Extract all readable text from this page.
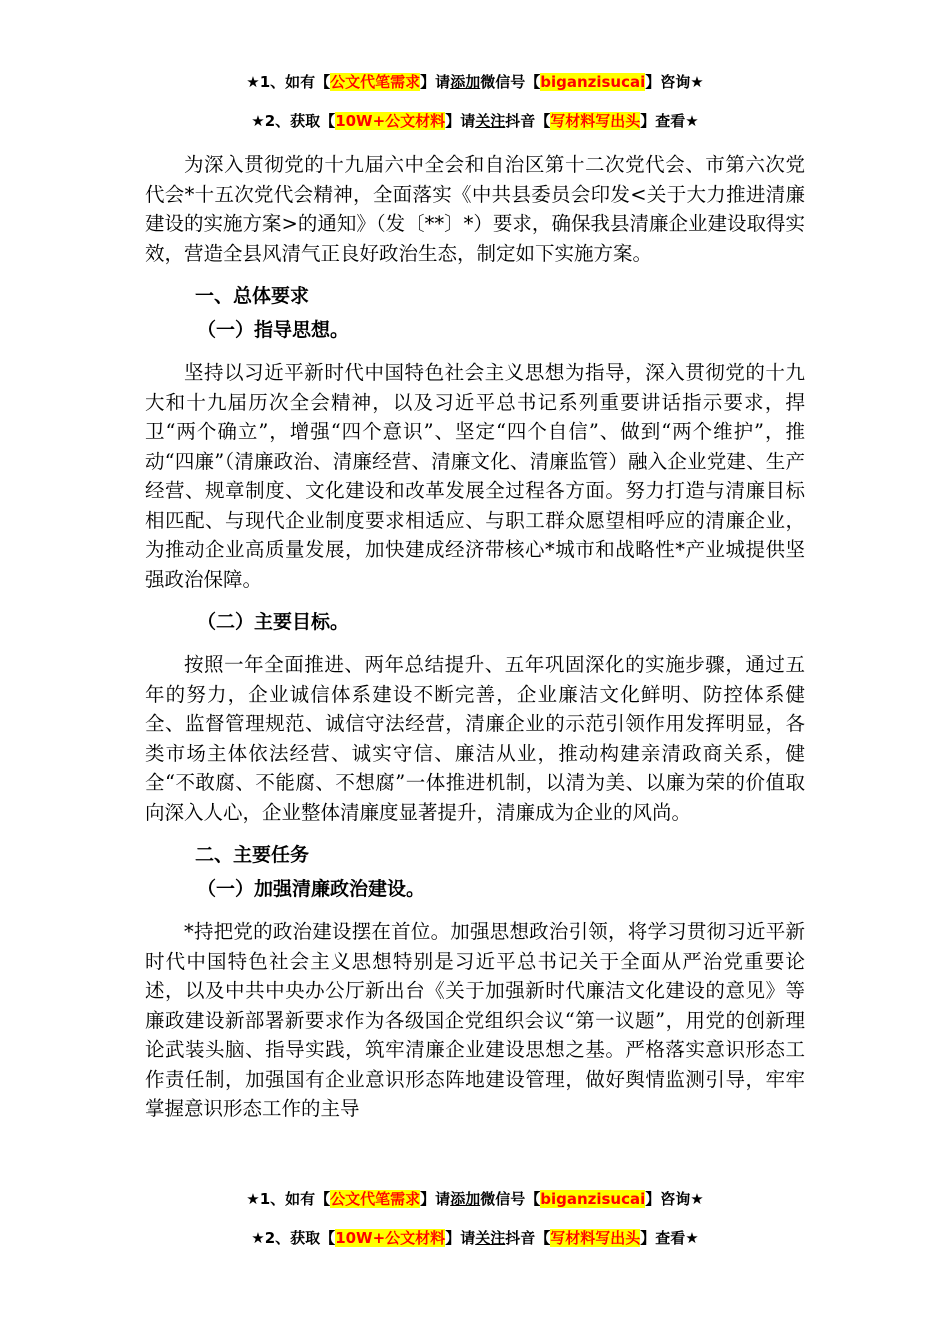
★1、如有【公文代笔需求】请添加微信号【biganzisucai】咨询★
★2、获取【10W+公文材料】请关注抖音【写材料写出头】查看★

为深入贯彻党的十九届六中全会和自治区第十二次党代会、市第六次党代会*十五次党代会精神，全面落实《中共县委员会印发<关于大力推进清廉建设的实施方案>的通知》（发〔**〕*）要求，确保我县清廉企业建设取得实效，营造全县风清气正良好政治生态，制定如下实施方案。

一、总体要求
（一）指导思想。

坚持以习近平新时代中国特色社会主义思想为指导，深入贯彻党的十九大和十九届历次全会精神，以及习近平总书记系列重要讲话指示要求，捍卫“两个确立”，增强“四个意识”、坚定“四个自信”、做到“两个维护”，推动“四廉”（清廉政治、清廉经营、清廉文化、清廉监管）融入企业党建、生产经营、规章制度、文化建设和改革发展全过程各方面。努力打造与清廉目标相匹配、与现代企业制度要求相适应、与职工群众愿望相呼应的清廉企业，为推动企业高质量发展，加快建成经济带核心*城市和战略性*产业城提供坚强政治保障。

（二）主要目标。

按照一年全面推进、两年总结提升、五年巩固深化的实施步骤，通过五年的努力，企业诚信体系建设不断完善，企业廉洁文化鲜明、防控体系健全、监督管理规范、诚信守法经营，清廉企业的示范引领作用发挥明显，各类市场主体依法经营、诚实守信、廉洁从业，推动构建亲清政商关系，健全“不敢腐、不能腐、不想腐”一体推进机制，以清为美、以廉为荣的价值取向深入人心，企业整体清廉度显著提升，清廉成为企业的风尚。

二、主要任务
（一）加强清廉政治建设。

*持把党的政治建设摆在首位。加强思想政治引领，将学习贯彻习近平新时代中国特色社会主义思想特别是习近平总书记关于全面从严治党重要论述，以及中共中央办公厅新出台《关于加强新时代廉洁文化建设的意见》等廉政建设新部署新要求作为各级国企党组织会议“第一议题”，用党的创新理论武装头脑、指导实践，筑牢清廉企业建设思想之基。严格落实意识形态工作责任制，加强国有企业意识形态阵地建设管理，做好舆情监测引导，牢牢掌握意识形态工作的主导

★1、如有【公文代笔需求】请添加微信号【biganzisucai】咨询★
★2、获取【10W+公文材料】请关注抖音【写材料写出头】查看★
